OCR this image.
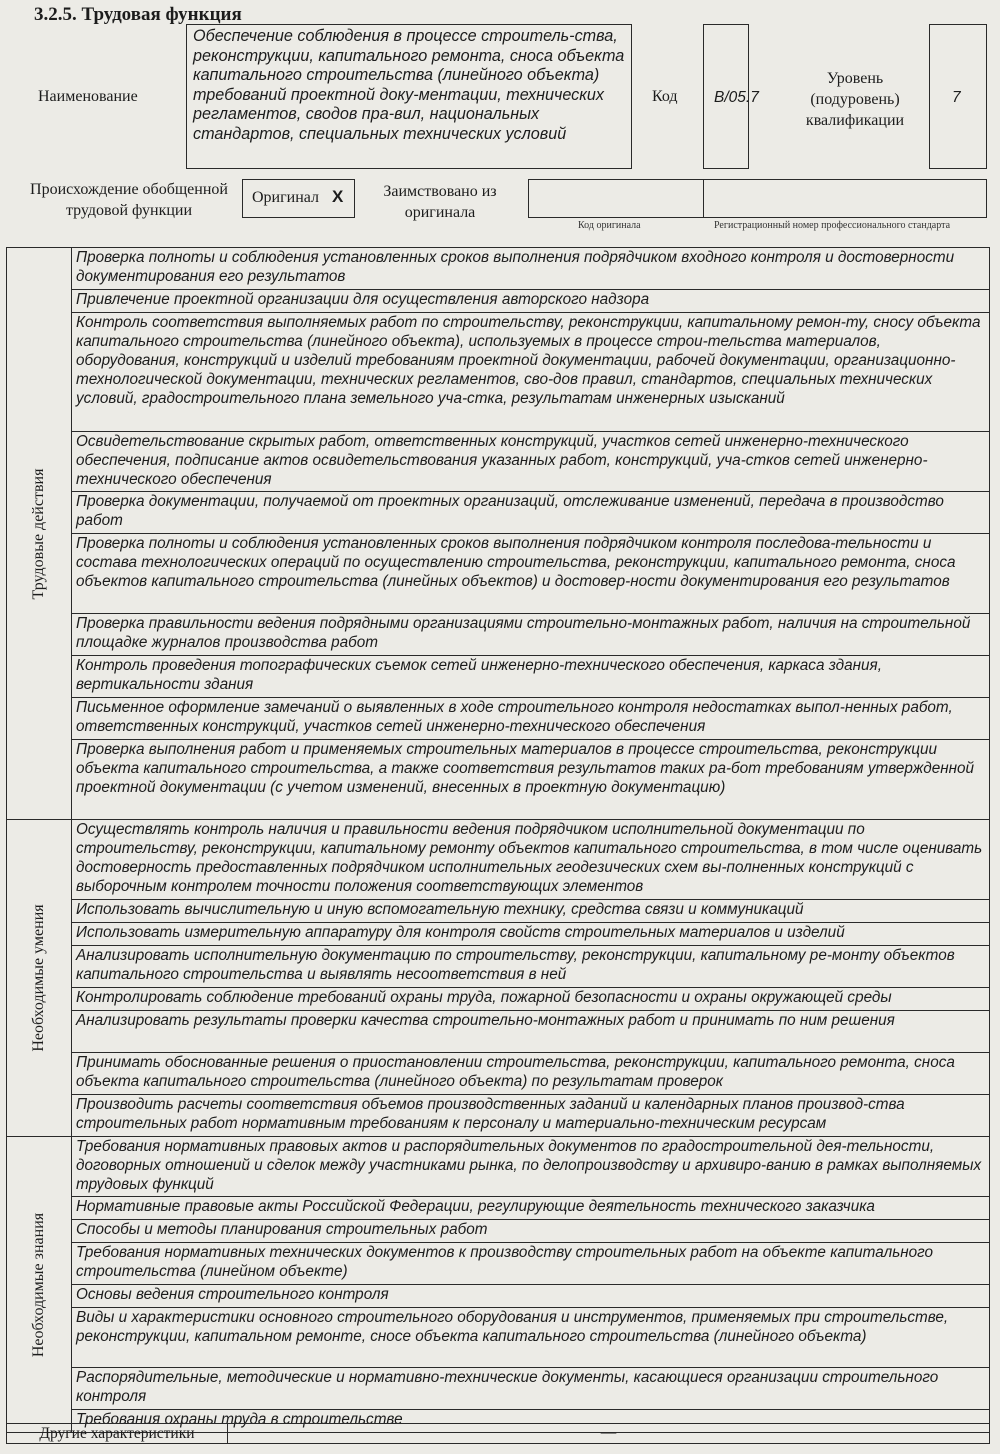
3.2.5. Трудовая функция
Наименование
Обеспечение соблюдения в процессе строитель-ства, реконструкции, капитального ремонта, сноса объекта капитального строительства (линейного объекта) требований проектной доку-ментации, технических регламентов, сводов пра-вил, национальных стандартов, специальных технических условий
Код B/05.7
Уровень (подуровень) квалификации
7
Происхождение обобщенной трудовой функции
Оригинал X	Заимствовано из оригинала
Код оригинала	Регистрационный номер профессионального стандарта
Трудовые действия	Проверка полноты и соблюдения установленных сроков выполнения подрядчиком входного контроля и достоверности документирования его результатов
	Привлечение проектной организации для осуществления авторского надзора
	Контроль соответствия выполняемых работ по строительству, реконструкции, капитальному ремон-ту, сносу объекта капитального строительства (линейного объекта), используемых в процессе строи-тельства материалов, оборудования, конструкций и изделий требованиям проектной документации, рабочей документации, организационно-технологической документации, технических регламентов, сво-дов правил, стандартов, специальных технических условий, градостроительного плана земельного уча-стка, результатам инженерных изысканий
	Освидетельствование скрытых работ, ответственных конструкций, участков сетей инженерно-технического обеспечения, подписание актов освидетельствования указанных работ, конструкций, уча-стков сетей инженерно-технического обеспечения
	Проверка документации, получаемой от проектных организаций, отслеживание изменений, передача в производство работ
	Проверка полноты и соблюдения установленных сроков выполнения подрядчиком контроля последова-тельности и состава технологических операций по осуществлению строительства, реконструкции, капитального ремонта, сноса объектов капитального строительства (линейных объектов) и достовер-ности документирования его результатов
	Проверка правильности ведения подрядными организациями строительно-монтажных работ, наличия на строительной площадке журналов производства работ
	Контроль проведения топографических съемок сетей инженерно-технического обеспечения, каркаса здания, вертикальности здания
	Письменное оформление замечаний о выявленных в ходе строительного контроля недостатках выпол-ненных работ, ответственных конструкций, участков сетей инженерно-технического обеспечения
	Проверка выполнения работ и применяемых строительных материалов в процессе строительства, реконструкции объекта капитального строительства, а также соответствия результатов таких ра-бот требованиям утвержденной проектной документации (с учетом изменений, внесенных в проектную документацию)

Необходимые умения	Осуществлять контроль наличия и правильности ведения подрядчиком исполнительной документации по строительству, реконструкции, капитальному ремонту объектов капитального строительства, в том числе оценивать достоверность предоставленных подрядчиком исполнительных геодезических схем вы-полненных конструкций с выборочным контролем точности положения соответствующих элементов
	Использовать вычислительную и иную вспомогательную технику, средства связи и коммуникаций
	Использовать измерительную аппаратуру для контроля свойств строительных материалов и изделий
	Анализировать исполнительную документацию по строительству, реконструкции, капитальному ре-монту объектов капитального строительства и выявлять несоответствия в ней
	Контролировать соблюдение требований охраны труда, пожарной безопасности и охраны окружающей среды
	Анализировать результаты проверки качества строительно-монтажных работ и принимать по ним решения
	Принимать обоснованные решения о приостановлении строительства, реконструкции, капитального ремонта, сноса объекта капитального строительства (линейного объекта) по результатам проверок
	Производить расчеты соответствия объемов производственных заданий и календарных планов производ-ства строительных работ нормативным требованиям к персоналу и материально-техническим ресурсам

Необходимые знания	Требования нормативных правовых актов и распорядительных документов по градостроительной дея-тельности, договорных отношений и сделок между участниками рынка, по делопроизводству и архивиро-ванию в рамках выполняемых трудовых функций
	Нормативные правовые акты Российской Федерации, регулирующие деятельность технического заказчика
	Способы и методы планирования строительных работ
	Требования нормативных технических документов к производству строительных работ на объекте капитального строительства (линейном объекте)
	Основы ведения строительного контроля
	Виды и характеристики основного строительного оборудования и инструментов, применяемых при строительстве, реконструкции, капитальном ремонте, сносе объекта капитального строительства (линейного объекта)
	Распорядительные, методические и нормативно-технические документы, касающиеся организации строительного контроля
	Требования охраны труда в строительстве
Другие характеристики	—
